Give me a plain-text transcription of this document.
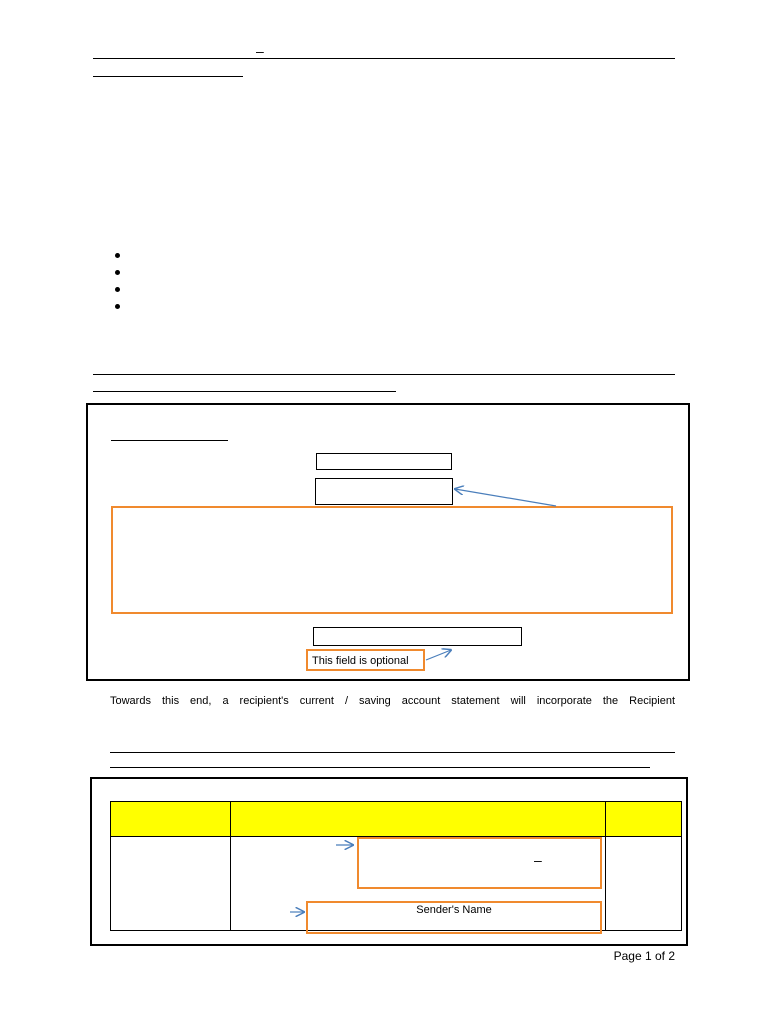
–
This field is optional
Towards this end, a recipient's current / saving account statement will incorporate the Recipient
–
Sender's Name
Page 1 of 2
